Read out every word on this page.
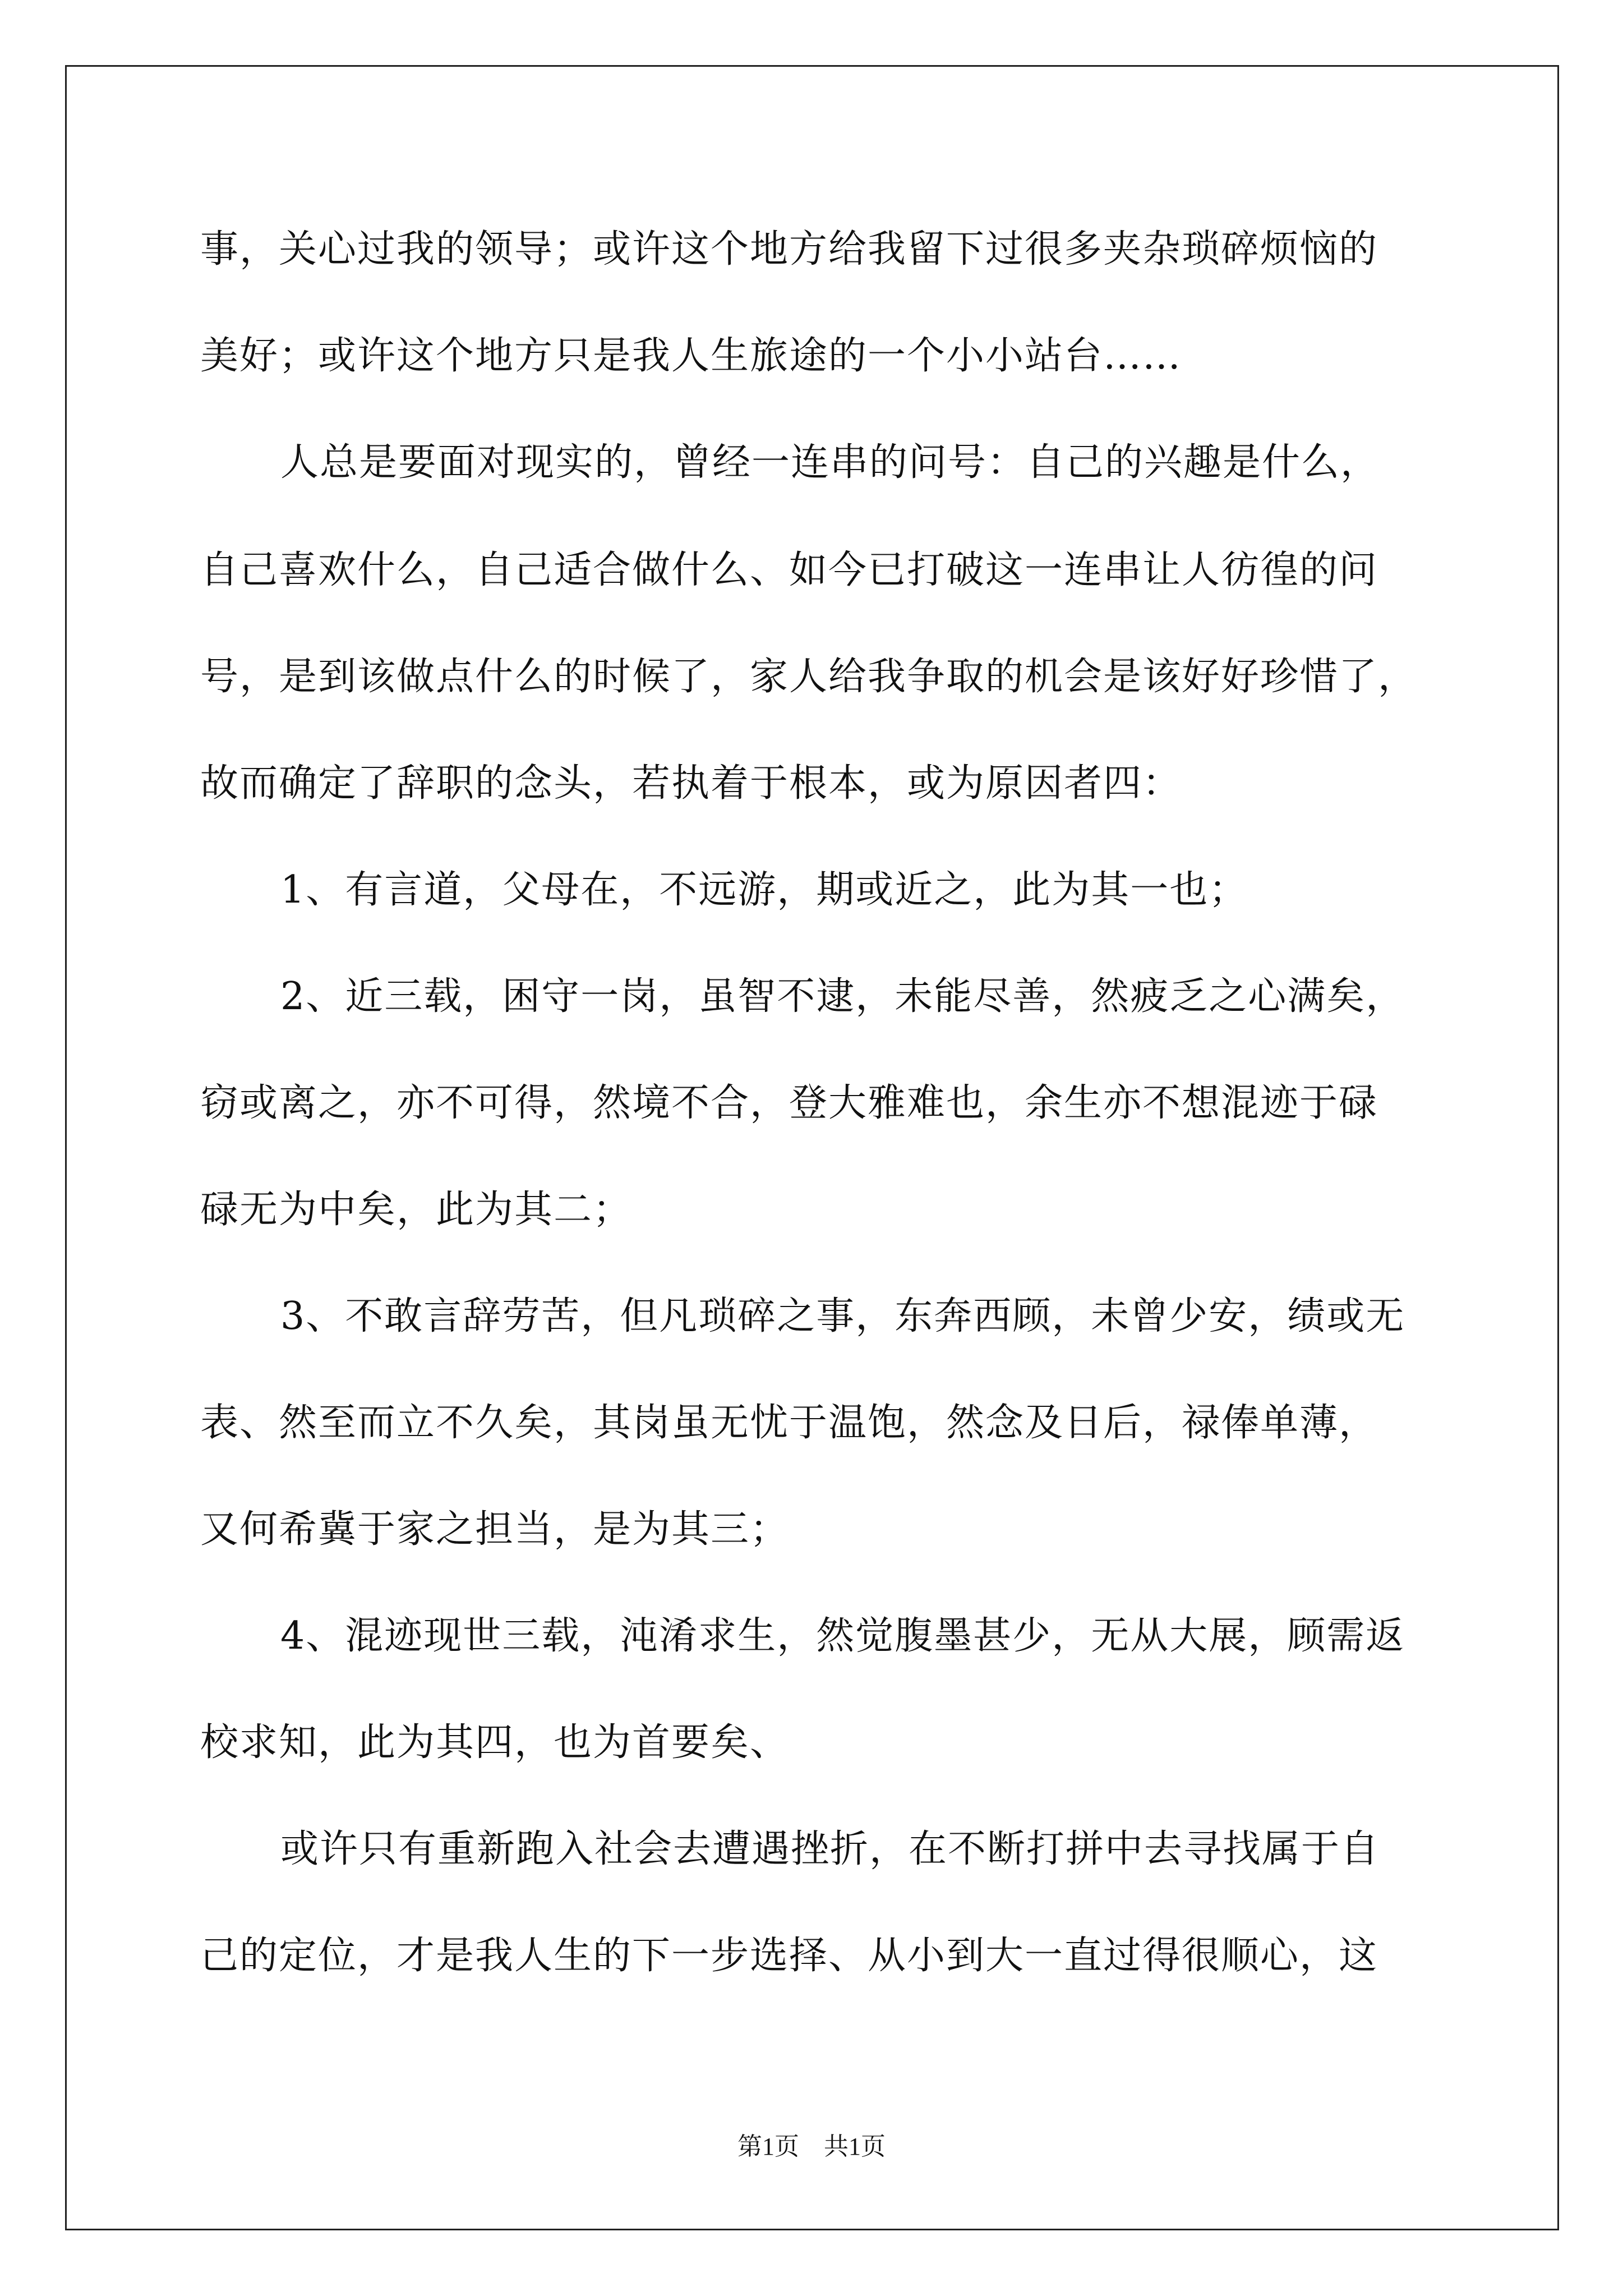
事，关心过我的领导；或许这个地方给我留下过很多夹杂琐碎烦恼的
美好；或许这个地方只是我人生旅途的一个小小站台……
人总是要面对现实的，曾经一连串的问号：自己的兴趣是什么，
自己喜欢什么，自己适合做什么、如今已打破这一连串让人彷徨的问
号，是到该做点什么的时候了，家人给我争取的机会是该好好珍惜了，
故而确定了辞职的念头，若执着于根本，或为原因者四：
1、有言道，父母在，不远游，期或近之，此为其一也；
2、近三载，困守一岗，虽智不逮，未能尽善，然疲乏之心满矣，
窃或离之，亦不可得，然境不合，登大雅难也，余生亦不想混迹于碌
碌无为中矣，此为其二；
3、不敢言辞劳苦，但凡琐碎之事，东奔西顾，未曾少安，绩或无
表、然至而立不久矣，其岗虽无忧于温饱，然念及日后，禄俸单薄，
又何希冀于家之担当，是为其三；
4、混迹现世三载，沌淆求生，然觉腹墨甚少，无从大展，顾需返
校求知，此为其四，也为首要矣、
或许只有重新跑入社会去遭遇挫折，在不断打拼中去寻找属于自
己的定位，才是我人生的下一步选择、从小到大一直过得很顺心，这
第1页　共1页
